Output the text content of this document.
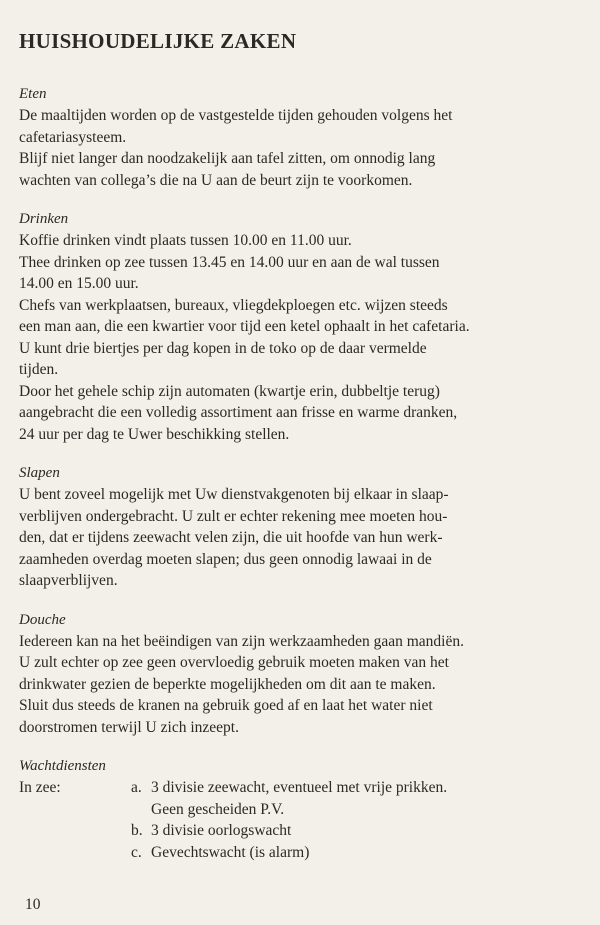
HUISHOUDELIJKE ZAKEN
Eten

De maaltijden worden op de vastgestelde tijden gehouden volgens het
cafetariasysteem.
Blijf niet langer dan noodzakelijk aan tafel zitten, om onnodig lang
wachten van collega’s die na U aan de beurt zijn te voorkomen.

Drinken

Koffie drinken vindt plaats tussen 10.00 en 11.00 uur.
Thee drinken op zee tussen 13.45 en 14.00 uur en aan de wal tussen
14.00 en 15.00 uur.
Chefs van werkplaatsen, bureaux, vliegdekploegen etc. wijzen steeds
een man aan, die een kwartier voor tijd een ketel ophaalt in het cafetaria.
U kunt drie biertjes per dag kopen in de toko op de daar vermelde
tijden.
Door het gehele schip zijn automaten (kwartje erin, dubbeltje terug)
aangebracht die een volledig assortiment aan frisse en warme dranken,
24 uur per dag te Uwer beschikking stellen.

Slapen

U bent zoveel mogelijk met Uw dienstvakgenoten bij elkaar in slaap-
verblijven ondergebracht. U zult er echter rekening mee moeten hou-
den, dat er tijdens zeewacht velen zijn, die uit hoofde van hun werk-
zaamheden overdag moeten slapen; dus geen onnodig lawaai in de
slaapverblijven.

Douche

Iedereen kan na het beëindigen van zijn werkzaamheden gaan mandiën.
U zult echter op zee geen overvloedig gebruik moeten maken van het
drinkwater gezien de beperkte mogelijkheden om dit aan te maken.
Sluit dus steeds de kranen na gebruik goed af en laat het water niet
doorstromen terwijl U zich inzeept.

Wachtdiensten
In zee:	a. 3 divisie zeewacht, eventueel met vrije prikken.
Geen gescheiden P.V.
b. 3 divisie oorlogswacht
c. Gevechtswacht (is alarm)
10
